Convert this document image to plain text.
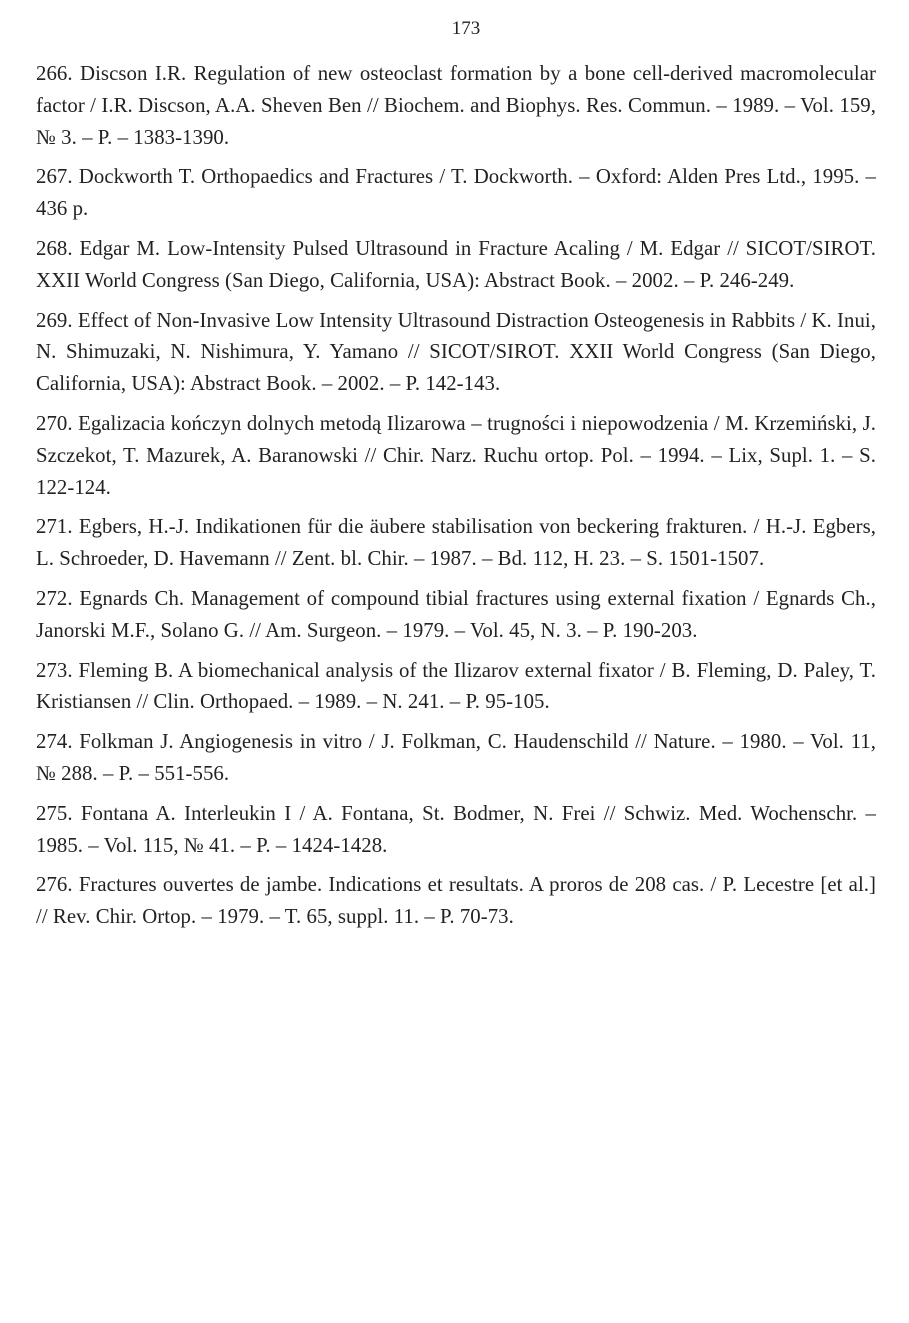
173
266. Discson I.R. Regulation of new osteoclast formation by a bone cell-derived macromolecular factor / I.R. Discson, A.A. Sheven Ben // Biochem. and Biophys. Res. Commun. – 1989. – Vol. 159, № 3. – P. – 1383-1390.
267. Dockworth T. Orthopaedics and Fractures / T. Dockworth. – Oxford: Alden Pres Ltd., 1995. – 436 p.
268. Edgar M. Low-Intensity Pulsed Ultrasound in Fracture Acaling / M. Edgar // SICOT/SIROT. XXII World Congress (San Diego, California, USA): Abstract Book. – 2002. – P. 246-249.
269. Effect of Non-Invasive Low Intensity Ultrasound Distraction Osteogenesis in Rabbits / K. Inui, N. Shimuzaki, N. Nishimura, Y. Yamano // SICOT/SIROT. XXII World Congress (San Diego, California, USA): Abstract Book. – 2002. – P. 142-143.
270. Egalizacia kończyn dolnych metodą Ilizarowa – trugności i niepowodzenia / M. Krzemiński, J. Szczekot, T. Mazurek, A. Baranowski // Chir. Narz. Ruchu ortop. Pol. – 1994. – Lix, Supl. 1. – S. 122-124.
271. Egbers, H.-J. Indikationen für die äubere stabilisation von beckering frakturen. / H.-J. Egbers, L. Schroeder, D. Havemann // Zent. bl. Chir. – 1987. – Bd. 112, H. 23. – S. 1501-1507.
272. Egnards Ch. Management of compound tibial fractures using external fixation / Egnards Ch., Janorski M.F., Solano G. // Am. Surgeon. – 1979. – Vol. 45, N. 3. – P. 190-203.
273. Fleming B. A biomechanical analysis of the Ilizarov external fixator / B. Fleming, D. Paley, T. Kristiansen // Clin. Orthopaed. – 1989. – N. 241. – P. 95-105.
274. Folkman J. Angiogenesis in vitro / J. Folkman, C. Haudenschild // Nature. – 1980. – Vol. 11, № 288. – P. – 551-556.
275. Fontana A. Interleukin I / A. Fontana, St. Bodmer, N. Frei // Schwiz. Med. Wochenschr. – 1985. – Vol. 115, № 41. – P. – 1424-1428.
276. Fractures ouvertes de jambe. Indications et resultats. A proros de 208 cas. / P. Lecestre [et al.] // Rev. Chir. Ortop. – 1979. – T. 65, suppl. 11. – P. 70-73.
